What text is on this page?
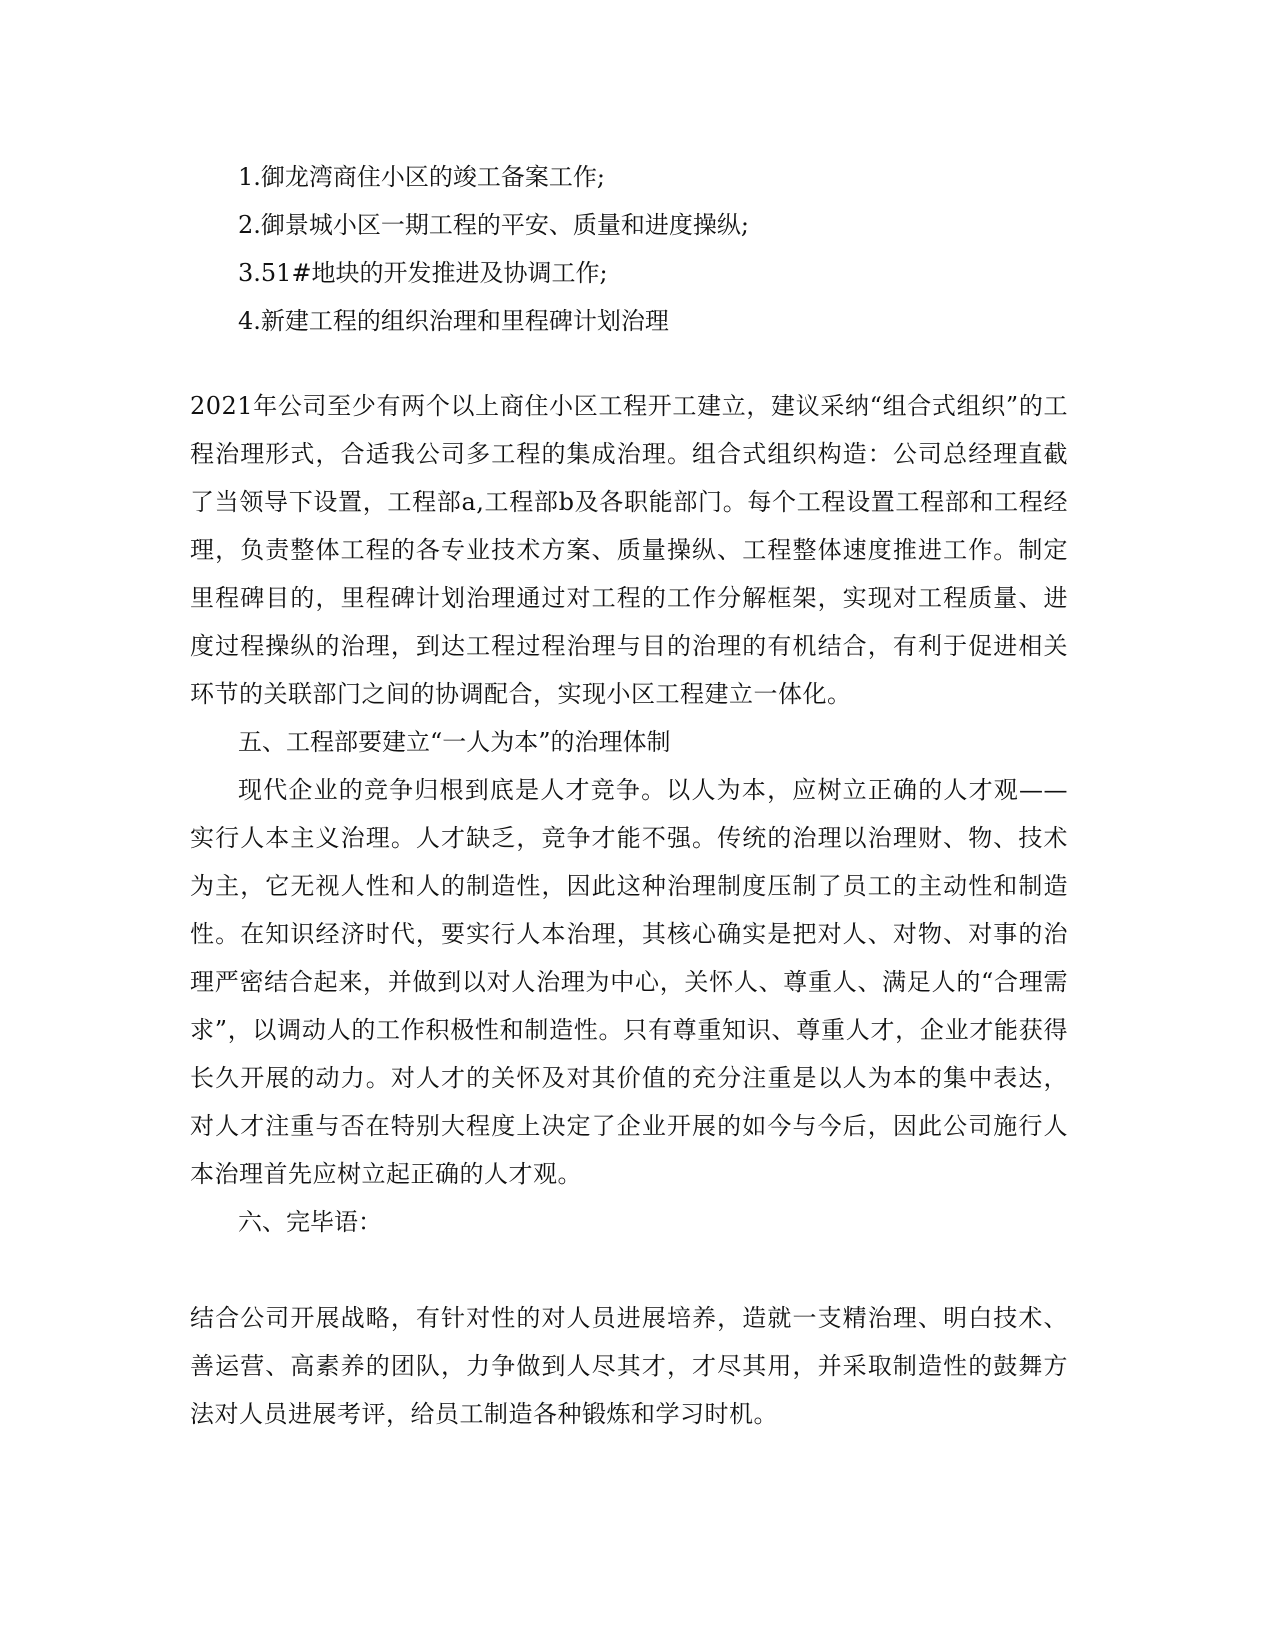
1.御龙湾商住小区的竣工备案工作;
2.御景城小区一期工程的平安、质量和进度操纵;
3.51#地块的开发推进及协调工作;
4.新建工程的组织治理和里程碑计划治理

2021年公司至少有两个以上商住小区工程开工建立，建议采纳“组合式组织”的工程治理形式，合适我公司多工程的集成治理。组合式组织构造：公司总经理直截了当领导下设置，工程部a,工程部b及各职能部门。每个工程设置工程部和工程经理，负责整体工程的各专业技术方案、质量操纵、工程整体速度推进工作。制定里程碑目的，里程碑计划治理通过对工程的工作分解框架，实现对工程质量、进度过程操纵的治理，到达工程过程治理与目的治理的有机结合，有利于促进相关环节的关联部门之间的协调配合，实现小区工程建立一体化。

五、工程部要建立“一人为本”的治理体制

现代企业的竞争归根到底是人才竞争。以人为本，应树立正确的人才观——实行人本主义治理。人才缺乏，竞争才能不强。传统的治理以治理财、物、技术为主，它无视人性和人的制造性，因此这种治理制度压制了员工的主动性和制造性。在知识经济时代，要实行人本治理，其核心确实是把对人、对物、对事的治理严密结合起来，并做到以对人治理为中心，关怀人、尊重人、满足人的“合理需求”，以调动人的工作积极性和制造性。只有尊重知识、尊重人才，企业才能获得长久开展的动力。对人才的关怀及对其价值的充分注重是以人为本的集中表达，对人才注重与否在特别大程度上决定了企业开展的如今与今后，因此公司施行人本治理首先应树立起正确的人才观。

六、完毕语：

结合公司开展战略，有针对性的对人员进展培养，造就一支精治理、明白技术、善运营、高素养的团队，力争做到人尽其才，才尽其用，并采取制造性的鼓舞方法对人员进展考评，给员工制造各种锻炼和学习时机。
